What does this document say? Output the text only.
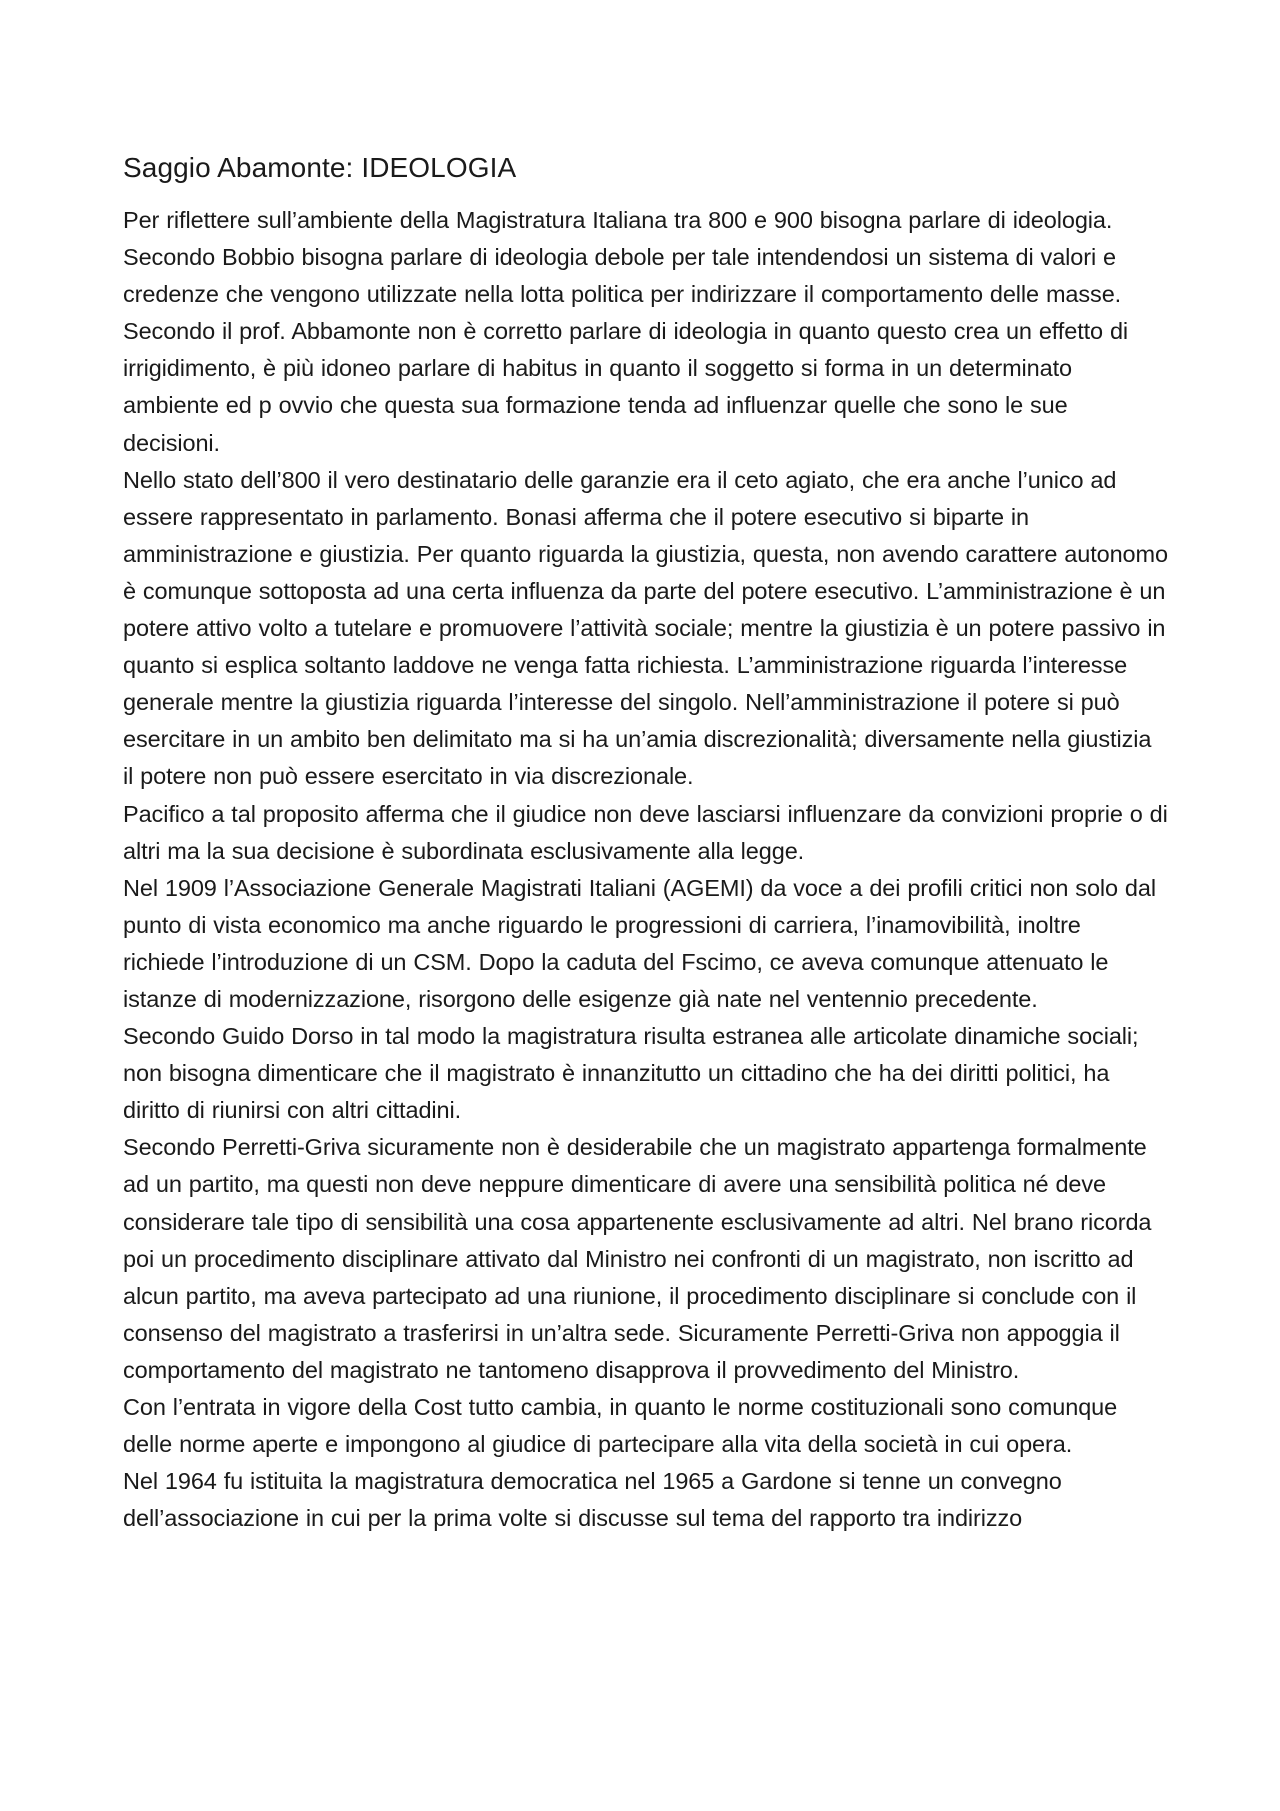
Saggio Abamonte: IDEOLOGIA

Per riflettere sull’ambiente della Magistratura Italiana tra 800 e 900 bisogna parlare di ideologia. Secondo Bobbio bisogna parlare di ideologia debole per tale intendendosi un sistema di valori e credenze che vengono utilizzate nella lotta politica per indirizzare il comportamento delle masse. Secondo il prof. Abbamonte non è corretto parlare di ideologia in quanto questo crea un effetto di irrigidimento, è più idoneo parlare di habitus in quanto il soggetto si forma in un determinato ambiente ed p ovvio che questa sua formazione tenda ad influenzar quelle che sono le sue decisioni.

Nello stato dell’800 il vero destinatario delle garanzie era il ceto agiato, che era anche l’unico ad essere rappresentato in parlamento. Bonasi afferma che il potere esecutivo si biparte in amministrazione e giustizia. Per quanto riguarda la giustizia, questa, non avendo carattere autonomo è comunque sottoposta ad una certa influenza da parte del potere esecutivo. L’amministrazione è un potere attivo volto a tutelare e promuovere l’attività sociale; mentre la giustizia è un potere passivo in quanto si esplica soltanto laddove ne venga fatta richiesta. L’amministrazione riguarda l’interesse generale mentre la giustizia riguarda l’interesse del singolo. Nell’amministrazione il potere si può esercitare in un ambito ben delimitato ma si ha un’amia discrezionalità; diversamente nella giustizia il potere non può essere esercitato in via discrezionale.

Pacifico a tal proposito afferma che il giudice non deve lasciarsi influenzare da convizioni proprie o di altri ma la sua decisione è subordinata esclusivamente alla legge.

Nel 1909 l’Associazione Generale Magistrati Italiani (AGEMI) da voce a dei profili critici non solo dal punto di vista economico ma anche riguardo le progressioni di carriera, l’inamovibilità, inoltre richiede l’introduzione di un CSM. Dopo la caduta del Fscimo, ce aveva comunque attenuato le istanze di modernizzazione, risorgono delle esigenze già nate nel ventennio precedente.

Secondo Guido Dorso in tal modo la magistratura risulta estranea alle articolate dinamiche sociali; non bisogna dimenticare che il magistrato è innanzitutto un cittadino che ha dei diritti politici, ha diritto di riunirsi con altri cittadini.

Secondo Perretti-Griva sicuramente non è desiderabile che un magistrato appartenga formalmente ad un partito, ma questi non deve neppure dimenticare di avere una sensibilità politica né deve considerare tale tipo di sensibilità una cosa appartenente esclusivamente ad altri. Nel brano ricorda poi un procedimento disciplinare attivato dal Ministro nei confronti di un magistrato, non iscritto ad alcun partito, ma aveva partecipato ad una riunione, il procedimento disciplinare si conclude con il consenso del magistrato a trasferirsi in un’altra sede. Sicuramente Perretti-Griva non appoggia il comportamento del magistrato ne tantomeno disapprova il provvedimento del Ministro.

Con l’entrata in vigore della Cost tutto cambia, in quanto le norme costituzionali sono comunque delle norme aperte e impongono al giudice di partecipare alla vita della società in cui opera.

Nel 1964 fu istituita la magistratura democratica nel 1965 a Gardone si tenne un convegno dell’associazione in cui per la prima volte si discusse sul tema del rapporto tra indirizzo
